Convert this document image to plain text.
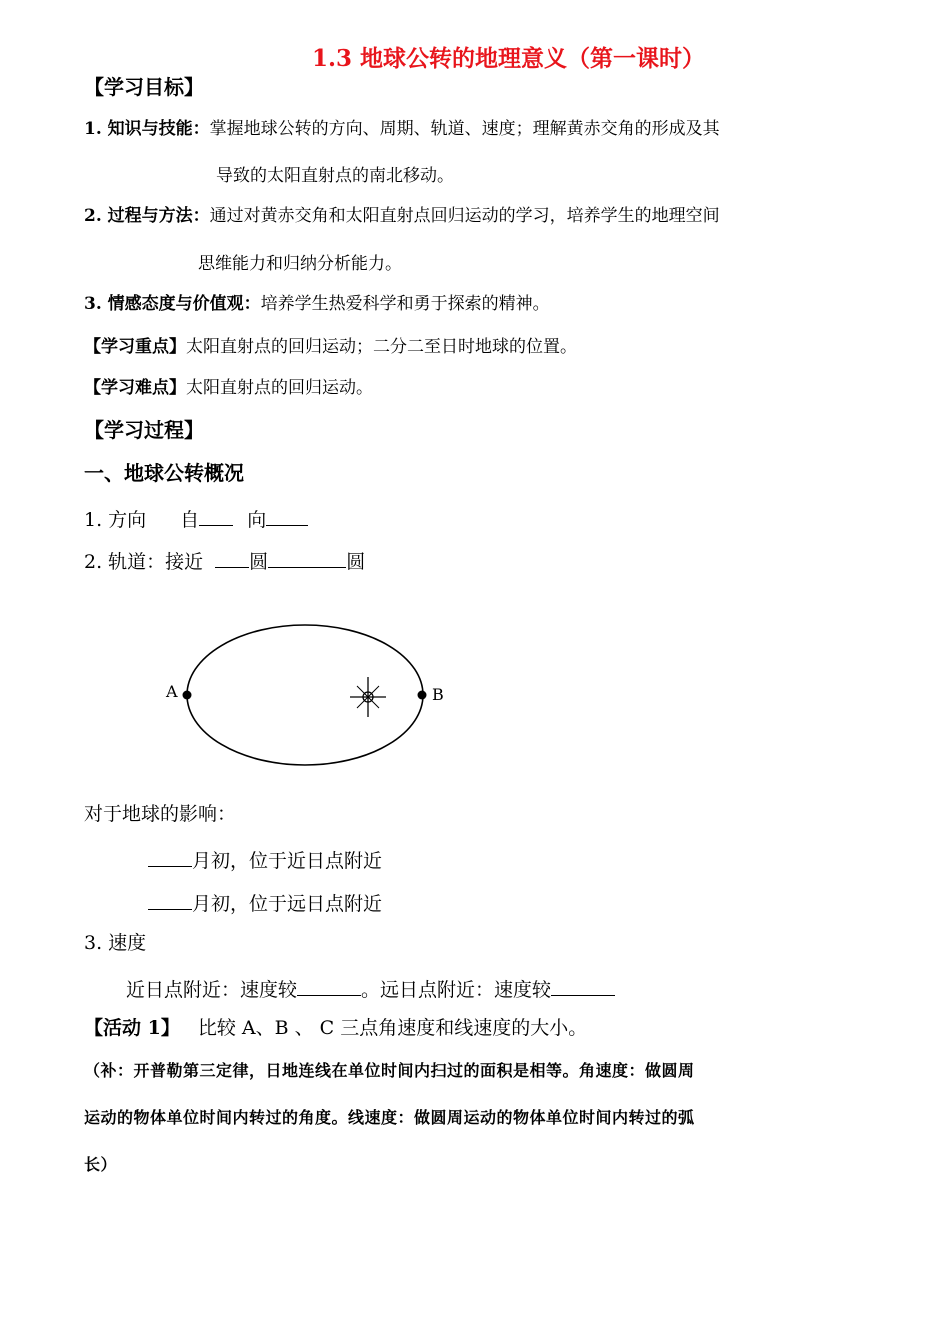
1.3 地球公转的地理意义（第一课时）
【学习目标】
1. 知识与技能：掌握地球公转的方向、周期、轨道、速度；理解黄赤交角的形成及其
导致的太阳直射点的南北移动。
2. 过程与方法：通过对黄赤交角和太阳直射点回归运动的学习，培养学生的地理空间
思维能力和归纳分析能力。
3. 情感态度与价值观：培养学生热爱科学和勇于探索的精神。
【学习重点】太阳直射点的回归运动；二分二至日时地球的位置。
【学习难点】太阳直射点的回归运动。
【学习过程】
一、地球公转概况
1. 方向 自	向
2. 轨道：接近 圆	圆
A	B
对于地球的影响：
月初，位于近日点附近
月初，位于远日点附近
3. 速度
近日点附近：速度较	。远日点附近：速度较
【活动 1】 比较 A、B 、 C 三点角速度和线速度的大小。
（补：开普勒第三定律，日地连线在单位时间内扫过的面积是相等。角速度：做圆周
运动的物体单位时间内转过的角度。线速度：做圆周运动的物体单位时间内转过的弧
长）
